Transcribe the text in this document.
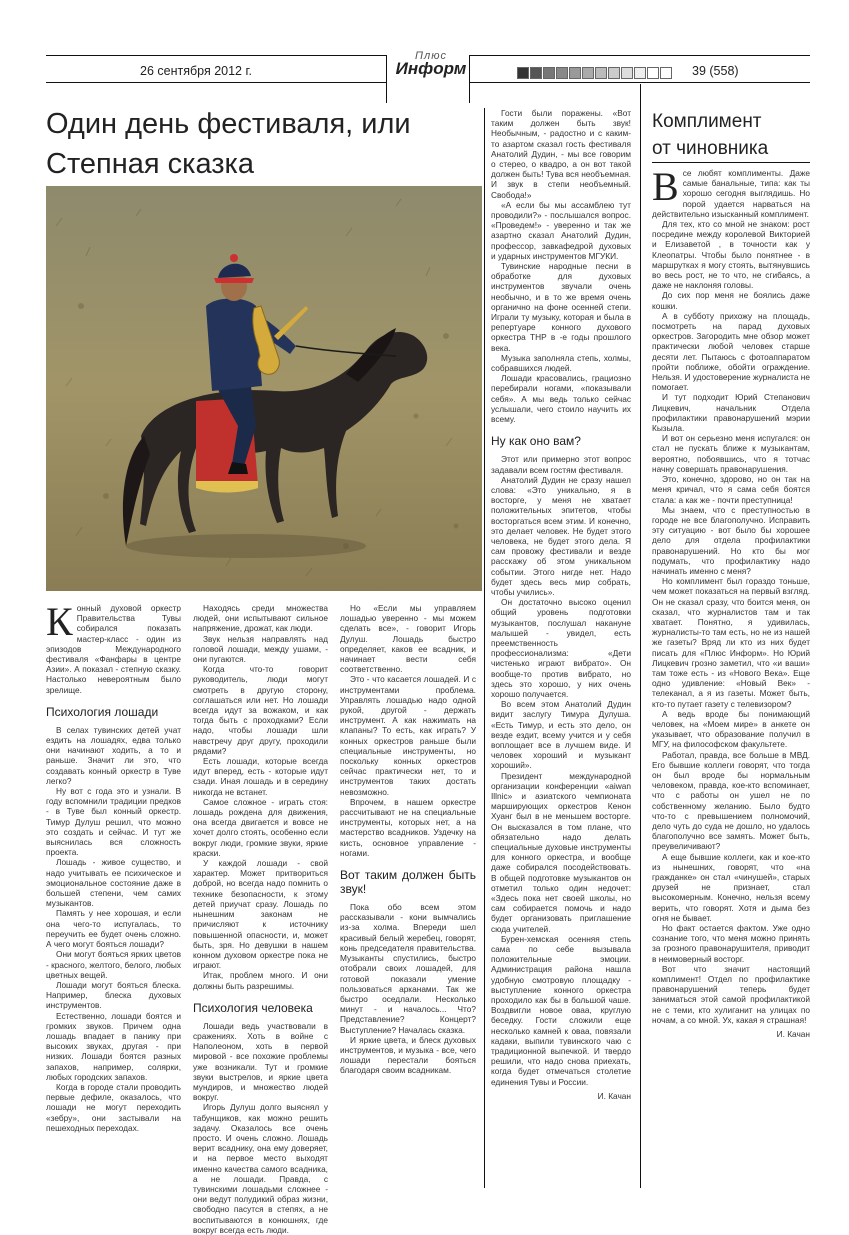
26 сентября 2012 г.
Плюс
Информ	39 (558)
Один день фестиваля, или
Степная сказка

Конный духовой оркестр Правительства Тувы собирался показать мастер-класс - один из эпизодов Международного фестиваля «Фанфары в центре Азии». А показал - степную сказку. Настолько невероятным было зрелище.

Психология лошади

В селах тувинских детей учат ездить на лошадях, едва только они начинают ходить, а то и раньше. Значит ли это, что создавать конный оркестр в Туве легко?

Ну вот с года это и узнали. В году вспомнили традиции предков - в Туве был конный оркестр. Тимур Дулуш решил, что можно это создать и сейчас. И тут же выяснилась вся сложность проекта.

Лошадь - живое существо, и надо учитывать ее психическое и эмоциональное состояние даже в большей степени, чем самих музыкантов.

Память у нее хорошая, и если она чего-то испугалась, то переучить ее будет очень сложно. А чего могут бояться лошади?

Они могут бояться ярких цветов - красного, желтого, белого, любых цветных вещей.

Лошади могут бояться блеска. Например, блеска духовых инструментов.

Естественно, лошади боятся и громких звуков. Причем одна лошадь впадает в панику при высоких звуках, другая - при низких. Лошади боятся разных запахов, например, солярки, любых городских запахов.

Когда в городе стали проводить первые дефиле, оказалось, что лошади не могут переходить «зебру», они застывали на пешеходных переходах.

Находясь среди множества людей, они испытывают сильное напряжение, дрожат, как люди.

Звук нельзя направлять над головой лошади, между ушами, - они пугаются.

Когда что-то говорит руководитель, люди могут смотреть в другую сторону, соглашаться или нет. Но лошади всегда идут за вожаком, и как тогда быть с проходками? Если надо, чтобы лошади шли навстречу друг другу, проходили рядами?

Есть лошади, которые всегда идут вперед, есть - которые идут сзади. Иная лошадь и в середину никогда не встанет.

Самое сложное - играть стоя: лошадь рождена для движения, она всегда двигается и вовсе не хочет долго стоять, особенно если вокруг люди, громкие звуки, яркие краски.

У каждой лошади - свой характер. Может притвориться доброй, но всегда надо помнить о технике безопасности, к этому детей приучат сразу. Лошадь по нынешним законам не причисляют к источнику повышенной опасности, и, может быть, зря. Но девушки в нашем конном духовом оркестре пока не играют.

Итак, проблем много. И они должны быть разрешимы.

Психология человека

Лошади ведь участвовали в сражениях. Хоть в войне с Наполеоном, хоть в первой мировой - все похожие проблемы уже возникали. Тут и громкие звуки выстрелов, и яркие цвета мундиров, и множество людей вокруг.

Игорь Дулуш долго выяснял у табунщиков, как можно решить задачу. Оказалось все очень просто. И очень сложно. Лошадь верит всаднику, она ему доверяет, и на первое место выходят именно качества самого всадника, а не лошади. Правда, с тувинскими лошадьми сложнее - они ведут полудикий образ жизни, свободно пасутся в степях, а не воспитываются в конюшнях, где вокруг всегда есть люди.

Но «Если мы управляем лошадью уверенно - мы можем сделать все», - говорит Игорь Дулуш. Лошадь быстро определяет, каков ее всадник, и начинает вести себя соответственно.

Это - что касается лошадей. И с инструментами проблема. Управлять лошадью надо одной рукой, другой - держать инструмент. А как нажимать на клапаны? То есть, как играть? У конных оркестров раньше были специальные инструменты, но поскольку конных оркестров сейчас практически нет, то и инструментов таких достать невозможно.

Впрочем, в нашем оркестре рассчитывают не на специальные инструменты, которых нет, а на мастерство всадников. Уздечку на кисть, основное управление - ногами.

Вот таким должен быть звук!

Пока обо всем этом рассказывали - кони вымчались из-за холма. Впереди шел красивый белый жеребец, говорят, конь председателя правительства. Музыканты спустились, быстро отобрали своих лошадей, для готовой показали умение пользоваться арканами. Так же быстро оседлали. Несколько минут - и началось... Что? Представление? Концерт? Выступление? Началась сказка.

И яркие цвета, и блеск духовых инструментов, и музыка - все, чего лошади перестали бояться благодаря своим всадникам.

Гости были поражены. «Вот таким должен быть звук! Необычным, - радостно и с каким-то азартом сказал гость фестиваля Анатолий Дудин, - мы все говорим о стерео, о квадро, а он вот такой должен быть! Тува вся необъемная. И звук в степи необъемный. Свобода!»

«А если бы мы ассамблею тут проводили?» - послышался вопрос. «Проведем!» - уверенно и так же азартно сказал Анатолий Дудин, профессор, завкафедрой духовых и ударных инструментов МГУКИ.

Тувинские народные песни в обработке для духовых инструментов звучали очень необычно, и в то же время очень органично на фоне осенней степи. Играли ту музыку, которая и была в репертуаре конного духового оркестра ТНР в -е годы прошлого века.

Музыка заполняла степь, холмы, собравшихся людей.

Лошади красовались, грациозно перебирали ногами, «показывали себя». А мы ведь только сейчас услышали, чего стоило научить их всему.

Ну как оно вам?

Этот или примерно этот вопрос задавали всем гостям фестиваля.

Анатолий Дудин не сразу нашел слова: «Это уникально, я в восторге, у меня не хватает положительных эпитетов, чтобы восторгаться всем этим. И конечно, это делает человек. Не будет этого человека, не будет этого дела. Я сам провожу фестивали и везде расскажу об этом уникальном событии. Этого нигде нет. Надо будет здесь весь мир собрать, чтобы учились».

Он достаточно высоко оценил общий уровень подготовки музыкантов, послушал накануне малышей - увидел, есть преемственность профессионализма: «Дети чистенько играют вибрато». Он вообще-то против вибрато, но здесь это хорошо, у них очень хорошо получается.

Во всем этом Анатолий Дудин видит заслугу Тимура Дулуша. «Есть Тимур, и есть это дело, он везде ездит, всему учится и у себя воплощает все в лучшем виде. И человек хороший и музыкант хороший».

Президент международной организации конференции «aiwan Illnic» и азиатского чемпионата марширующих оркестров Кенон Хуанг был в не меньшем восторге. Он высказался в том плане, что обязательно надо делать специальные духовые инструменты для конного оркестра, и вообще даже собирался посодействовать. В общей подготовке музыкантов он отметил только один недочет: «Здесь пока нет своей школы, но сам собирается помочь и надо будет организовать приглашение сюда учителей.

Бурен-хемская осенняя степь сама по себе вызывала положительные эмоции. Администрация района нашла удобную смотровую площадку - выступление конного оркестра проходило как бы в большой чаше. Воздвигли новое оваа, круглую беседку. Гости сложили еще несколько камней к оваа, повязали кадаки, выпили тувинского чаю с традиционной выпечкой. И твердо решили, что надо снова приехать, когда будет отмечаться столетие единения Тувы и России.

И. Качан

Комплимент
от чиновника

Все любят комплименты. Даже самые банальные, типа: как ты хорошо сегодня выглядишь. Но порой удается нарваться на действительно изысканный комплимент.

Для тех, кто со мной не знаком: рост посредине между королевой Викторией и Елизаветой , в точности как у Клеопатры. Чтобы было понятнее - в маршрутках я могу стоять, вытянувшись во весь рост, не то что, не сгибаясь, а даже не наклоняя головы.

До сих пор меня не боялись даже кошки.

А в субботу прихожу на площадь, посмотреть на парад духовых оркестров. Загородить мне обзор может практически любой человек старше десяти лет. Пытаюсь с фотоаппаратом пройти поближе, обойти ограждение. Нельзя. И удостоверение журналиста не помогает.

И тут подходит Юрий Степанович Лицкевич, начальник Отдела профилактики правонарушений мэрии Кызыла.

И вот он серьезно меня испугался: он стал не пускать ближе к музыкантам, вероятно, побоявшись, что я тотчас начну совершать правонарушения.

Это, конечно, здорово, но он так на меня кричал, что я сама себя боятся стала: а как же - почти преступница!

Мы знаем, что с преступностью в городе не все благополучно. Исправить эту ситуацию - вот было бы хорошее дело для отдела профилактики правонарушений. Но кто бы мог подумать, что профилактику надо начинать именно с меня?

Но комплимент был гораздо тоньше, чем может показаться на первый взгляд. Он не сказал сразу, что боится меня, он сказал, что журналистов там и так хватает. Понятно, я удивилась, журналисты-то там есть, но не из нашей же газеты? Вряд ли кто из них будет писать для «Плюс Информ». Но Юрий Лицкевич грозно заметил, что «и ваши» там тоже есть - из «Нового Века». Еще одно удивление: «Новый Век» - телеканал, а я из газеты. Может быть, кто-то путает газету с телевизором?

А ведь вроде бы понимающий человек, на «Моем мире» в анкете он указывает, что образование получил в МГУ, на философском факультете.

Работал, правда, все больше в МВД. Его бывшие коллеги говорят, что тогда он был вроде бы нормальным человеком, правда, кое-кто вспоминает, что с работы он ушел не по собственному желанию. Было будто что-то с превышением полномочий, дело чуть до суда не дошло, но удалось благополучно все замять. Может быть, преувеличивают?

А еще бывшие коллеги, как и кое-кто из нынешних, говорят, что «на гражданке» он стал «чинушей», старых друзей не признает, стал высокомерным. Конечно, нельзя всему верить, что говорят. Хотя и дыма без огня не бывает.

Но факт остается фактом. Уже одно сознание того, что меня можно принять за грозного правонарушителя, приводит в неимоверный восторг.

Вот что значит настоящий комплимент! Отдел по профилактике правонарушений теперь будет заниматься этой самой профилактикой не с теми, кто хулиганит на улицах по ночам, а со мной. Ух, какая я страшная!

И. Качан
